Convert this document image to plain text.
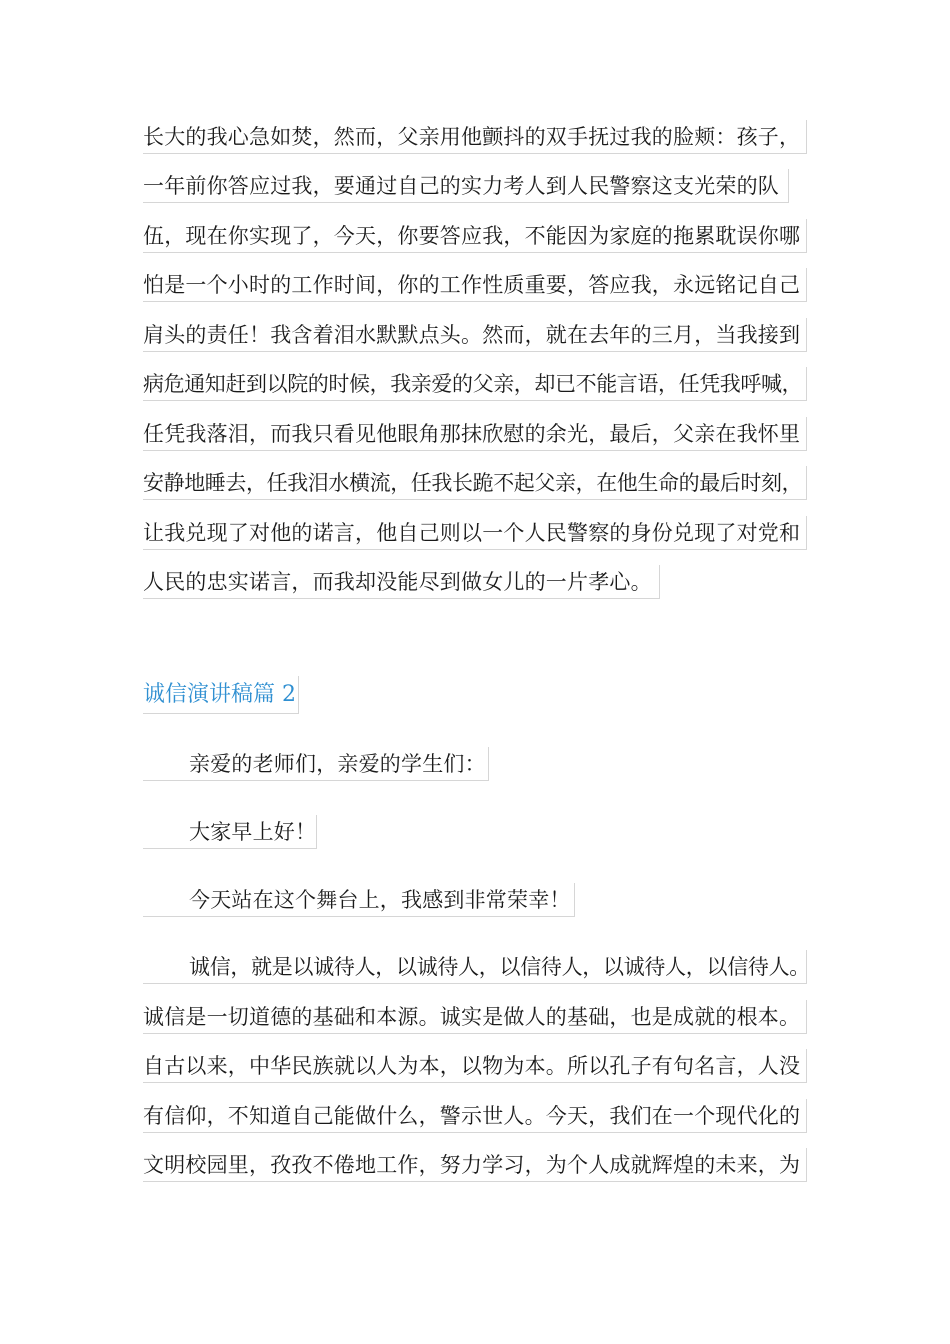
长大的我心急如焚，然而，父亲用他颤抖的双手抚过我的脸颊：孩子，
一年前你答应过我，要通过自己的实力考人到人民警察这支光荣的队
伍，现在你实现了，今天，你要答应我，不能因为家庭的拖累耽误你哪
怕是一个小时的工作时间，你的工作性质重要，答应我，永远铭记自己
肩头的责任！我含着泪水默默点头。然而，就在去年的三月，当我接到
病危通知赶到以院的时候，我亲爱的父亲，却已不能言语，任凭我呼喊，
任凭我落泪，而我只看见他眼角那抹欣慰的余光，最后，父亲在我怀里
安静地睡去，任我泪水横流，任我长跪不起父亲，在他生命的最后时刻，
让我兑现了对他的诺言，他自己则以一个人民警察的身份兑现了对党和
人民的忠实诺言，而我却没能尽到做女儿的一片孝心。
诚信演讲稿篇 2
亲爱的老师们，亲爱的学生们：
大家早上好！
今天站在这个舞台上，我感到非常荣幸！
诚信，就是以诚待人，以诚待人，以信待人，以诚待人，以信待人。
诚信是一切道德的基础和本源。诚实是做人的基础，也是成就的根本。
自古以来，中华民族就以人为本，以物为本。所以孔子有句名言，人没
有信仰，不知道自己能做什么，警示世人。今天，我们在一个现代化的
文明校园里，孜孜不倦地工作，努力学习，为个人成就辉煌的未来，为
